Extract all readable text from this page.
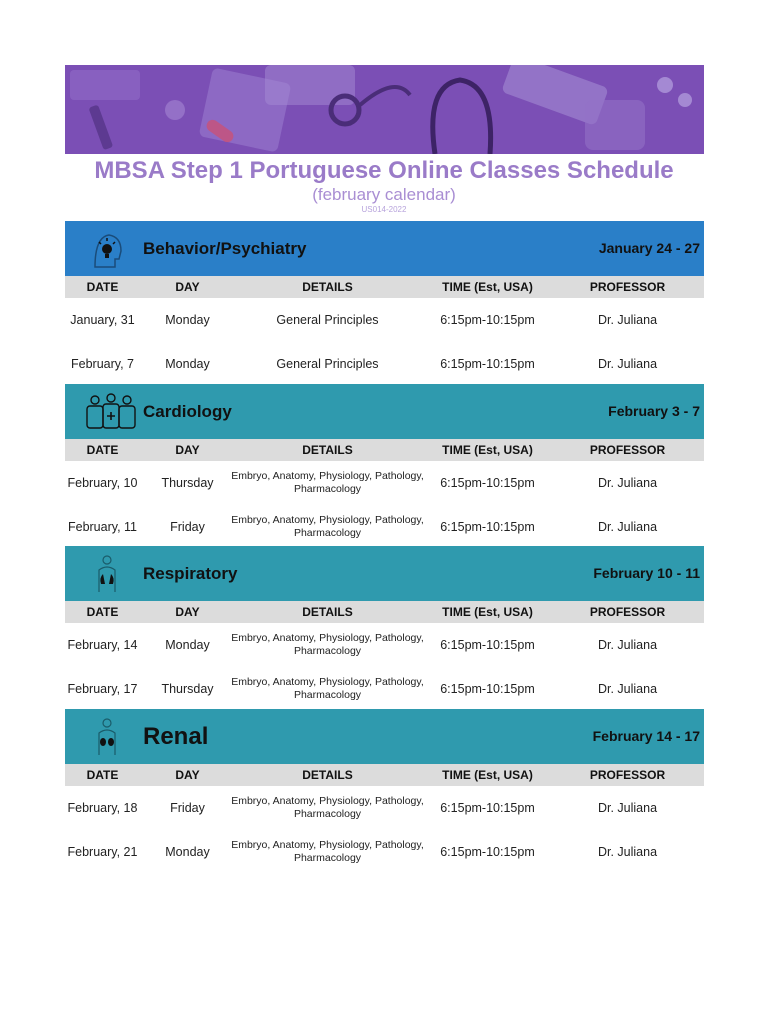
MBSA Step 1 Portuguese Online Classes Schedule
(february calendar)
US014-2022
Behavior/Psychiatry	January 24 - 27
DATE	DAY	DETAILS	TIME (Est, USA)	PROFESSOR
January, 31	Monday	General Principles	6:15pm-10:15pm	Dr. Juliana
February, 7	Monday	General Principles	6:15pm-10:15pm	Dr. Juliana
Cardiology	February 3 - 7
DATE	DAY	DETAILS	TIME (Est, USA)	PROFESSOR
February, 10	Thursday	Embryo, Anatomy, Physiology, Pathology, Pharmacology	6:15pm-10:15pm	Dr. Juliana
February, 11	Friday	Embryo, Anatomy, Physiology, Pathology, Pharmacology	6:15pm-10:15pm	Dr. Juliana
Respiratory	February 10 - 11
DATE	DAY	DETAILS	TIME (Est, USA)	PROFESSOR
February, 14	Monday	Embryo, Anatomy, Physiology, Pathology, Pharmacology	6:15pm-10:15pm	Dr. Juliana
February, 17	Thursday	Embryo, Anatomy, Physiology, Pathology, Pharmacology	6:15pm-10:15pm	Dr. Juliana
Renal	February 14 - 17
DATE	DAY	DETAILS	TIME (Est, USA)	PROFESSOR
February, 18	Friday	Embryo, Anatomy, Physiology, Pathology, Pharmacology	6:15pm-10:15pm	Dr. Juliana
February, 21	Monday	Embryo, Anatomy, Physiology, Pathology, Pharmacology	6:15pm-10:15pm	Dr. Juliana
